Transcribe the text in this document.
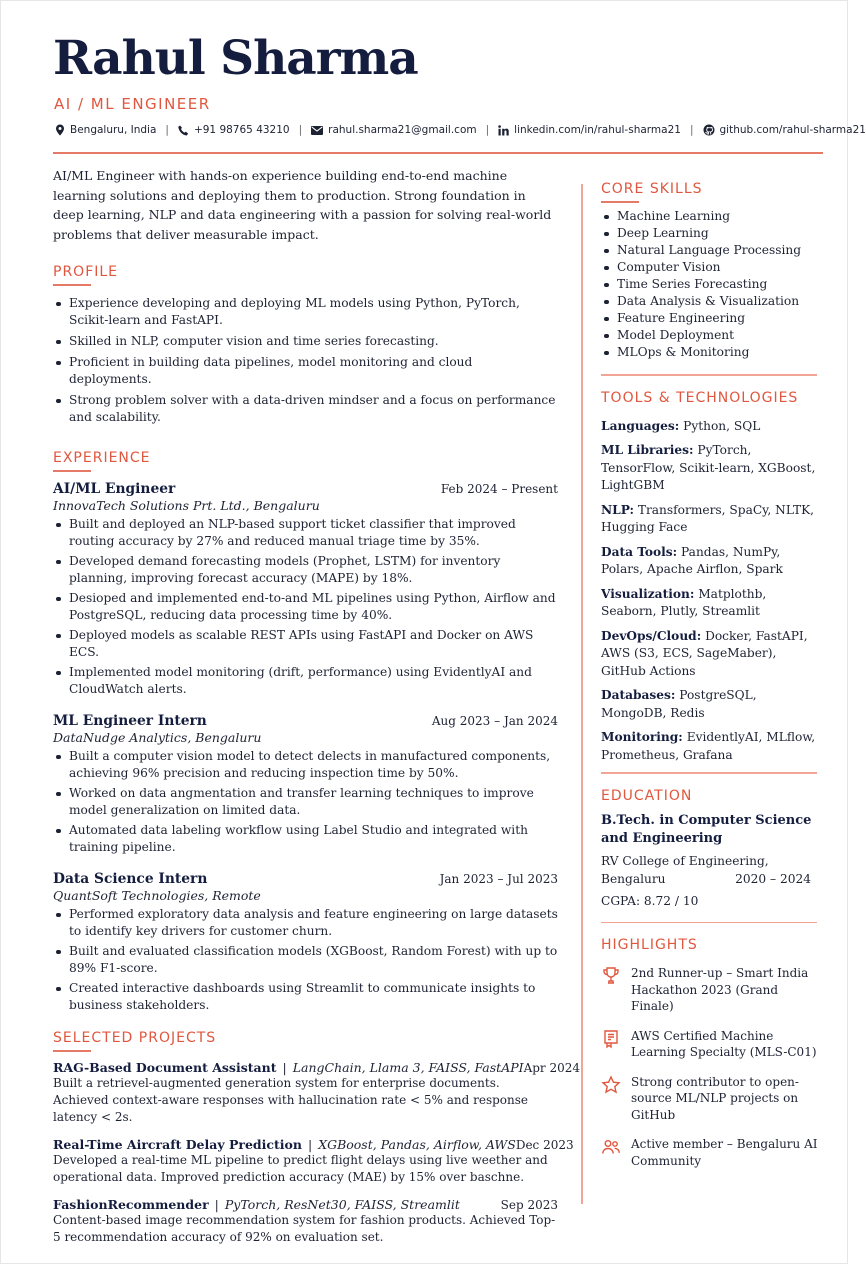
Rahul Sharma
AI / ML ENGINEER
Bengaluru, India | +91 98765 43210 | rahul.sharma21@gmail.com | linkedin.com/in/rahul-sharma21 | github.com/rahul-sharma21

AI/ML Engineer with hands-on experience building end-to-end machine learning solutions and deploying them to production. Strong foundation in deep learning, NLP and data engineering with a passion for solving real-world problems that deliver measurable impact.

PROFILE
Experience developing and deploying ML models using Python, PyTorch, Scikit-learn and FastAPI.
Skilled in NLP, computer vision and time series forecasting.
Proficient in building data pipelines, model monitoring and cloud deployments.
Strong problem solver with a data-driven mindser and a focus on performance and scalability.
EXPERIENCE
AI/ML Engineer	Feb 2024 – Present
InnovaTech Solutions Prt. Ltd., Bengaluru
Built and deployed an NLP-based support ticket classifier that improved routing accuracy by 27% and reduced manual triage time by 35%.
Developed demand forecasting models (Prophet, LSTM) for inventory planning, improving forecast accuracy (MAPE) by 18%.
Desioped and implemented end-to-and ML pipelines using Python, Airflow and PostgreSQL, reducing data processing time by 40%.
Deployed models as scalable REST APIs using FastAPI and Docker on AWS ECS.
Implemented model monitoring (drift, performance) using EvidentlyAI and CloudWatch alerts.
ML Engineer Intern	Aug 2023 – Jan 2024
DataNudge Analytics, Bengaluru
Built a computer vision model to detect delects in manufactured components, achieving 96% precision and reducing inspection time by 50%.
Worked on data angmentation and transfer learning techniques to improve model generalization on limited data.
Automated data labeling workflow using Label Studio and integrated with training pipeline.
Data Science Intern	Jan 2023 – Jul 2023
QuantSoft Technologies, Remote
Performed exploratory data analysis and feature engineering on large datasets to identify key drivers for customer churn.
Built and evaluated classification models (XGBoost, Random Forest) with up to 89% F1-score.
Created interactive dashboards using Streamlit to communicate insights to business stakeholders.
SELECTED PROJECTS
RAG-Based Document Assistant | LangChain, Llama 3, FAISS, FastAPI Apr 2024
Built a retrievel-augmented generation system for enterprise documents. Achieved context-aware responses with hallucination rate < 5% and response latency < 2s.
Real-Time Aircraft Delay Prediction | XGBoost, Pandas, Airflow, AWS Dec 2023
Developed a real-time ML pipeline to predict flight delays using live weether and operational data. Improved prediction accuracy (MAE) by 15% over baschne.
FashionRecommender | PyTorch, ResNet30, FAISS, Streamlit	Sep 2023
Content-based image recommendation system for fashion products. Achieved Top-5 recommendation accuracy of 92% on evaluation set.
CORE SKILLS
Machine Learning
Deep Learning
Natural Language Processing
Computer Vision
Time Series Forecasting
Data Analysis & Visualization
Feature Engineering
Model Deployment
MLOps & Monitoring
TOOLS & TECHNOLOGIES
Languages: Python, SQL
ML Libraries: PyTorch, TensorFlow, Scikit-learn, XGBoost, LightGBM
NLP: Transformers, SpaCy, NLTK, Hugging Face
Data Tools: Pandas, NumPy, Polars, Apache Airflon, Spark
Visualization: Matplothb, Seaborn, Plutly, Streamlit
DevOps/Cloud: Docker, FastAPI, AWS (S3, ECS, SageMaber), GitHub Actions
Databases: PostgreSQL, MongoDB, Redis
Monitoring: EvidentlyAI, MLflow, Prometheus, Grafana
EDUCATION
B.Tech. in Computer Science and Engineering
RV College of Engineering,
Bengaluru	2020 – 2024
CGPA: 8.72 / 10
HIGHLIGHTS
2nd Runner-up – Smart India Hackathon 2023 (Grand Finale)
AWS Certified Machine Learning Specialty (MLS-C01)
Strong contributor to open-source ML/NLP projects on GitHub
Active member – Bengaluru AI Community
